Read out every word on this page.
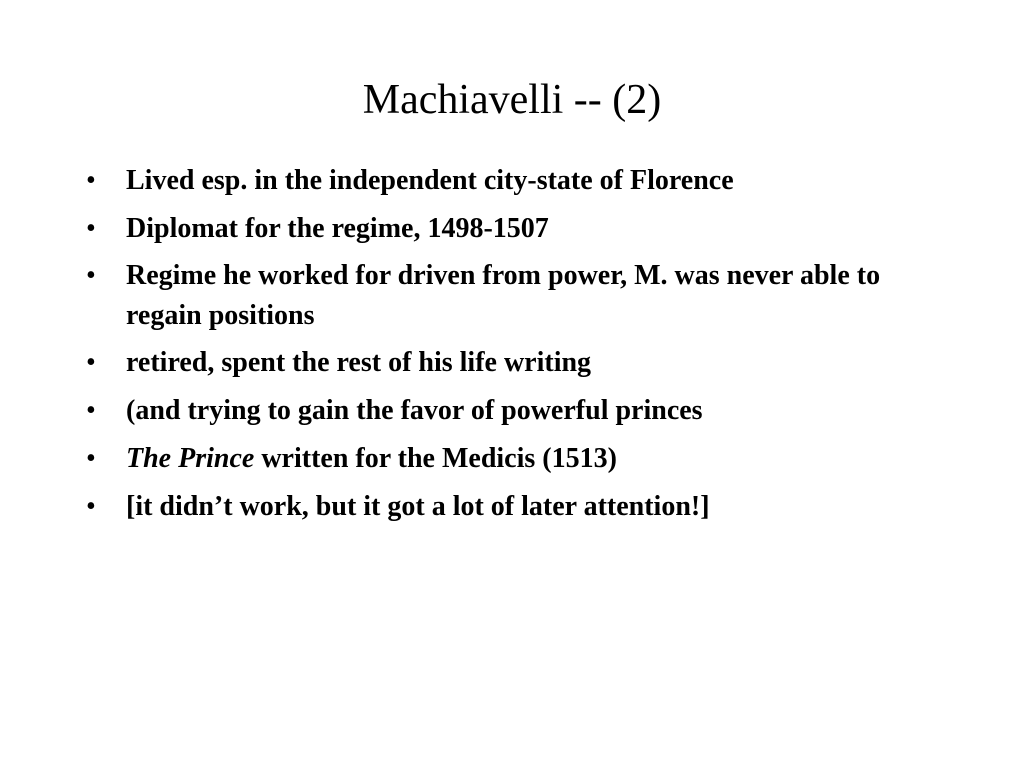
Machiavelli -- (2)
•	Lived esp. in the independent city-state of Florence
•	Diplomat for the regime, 1498-1507
•	Regime he worked for driven from power, M. was never able to regain positions
•	retired, spent the rest of his life writing
•	(and trying to gain the favor of powerful princes
•	The Prince written for the Medicis (1513)
•	[it didn’t work, but it got a lot of later attention!]
